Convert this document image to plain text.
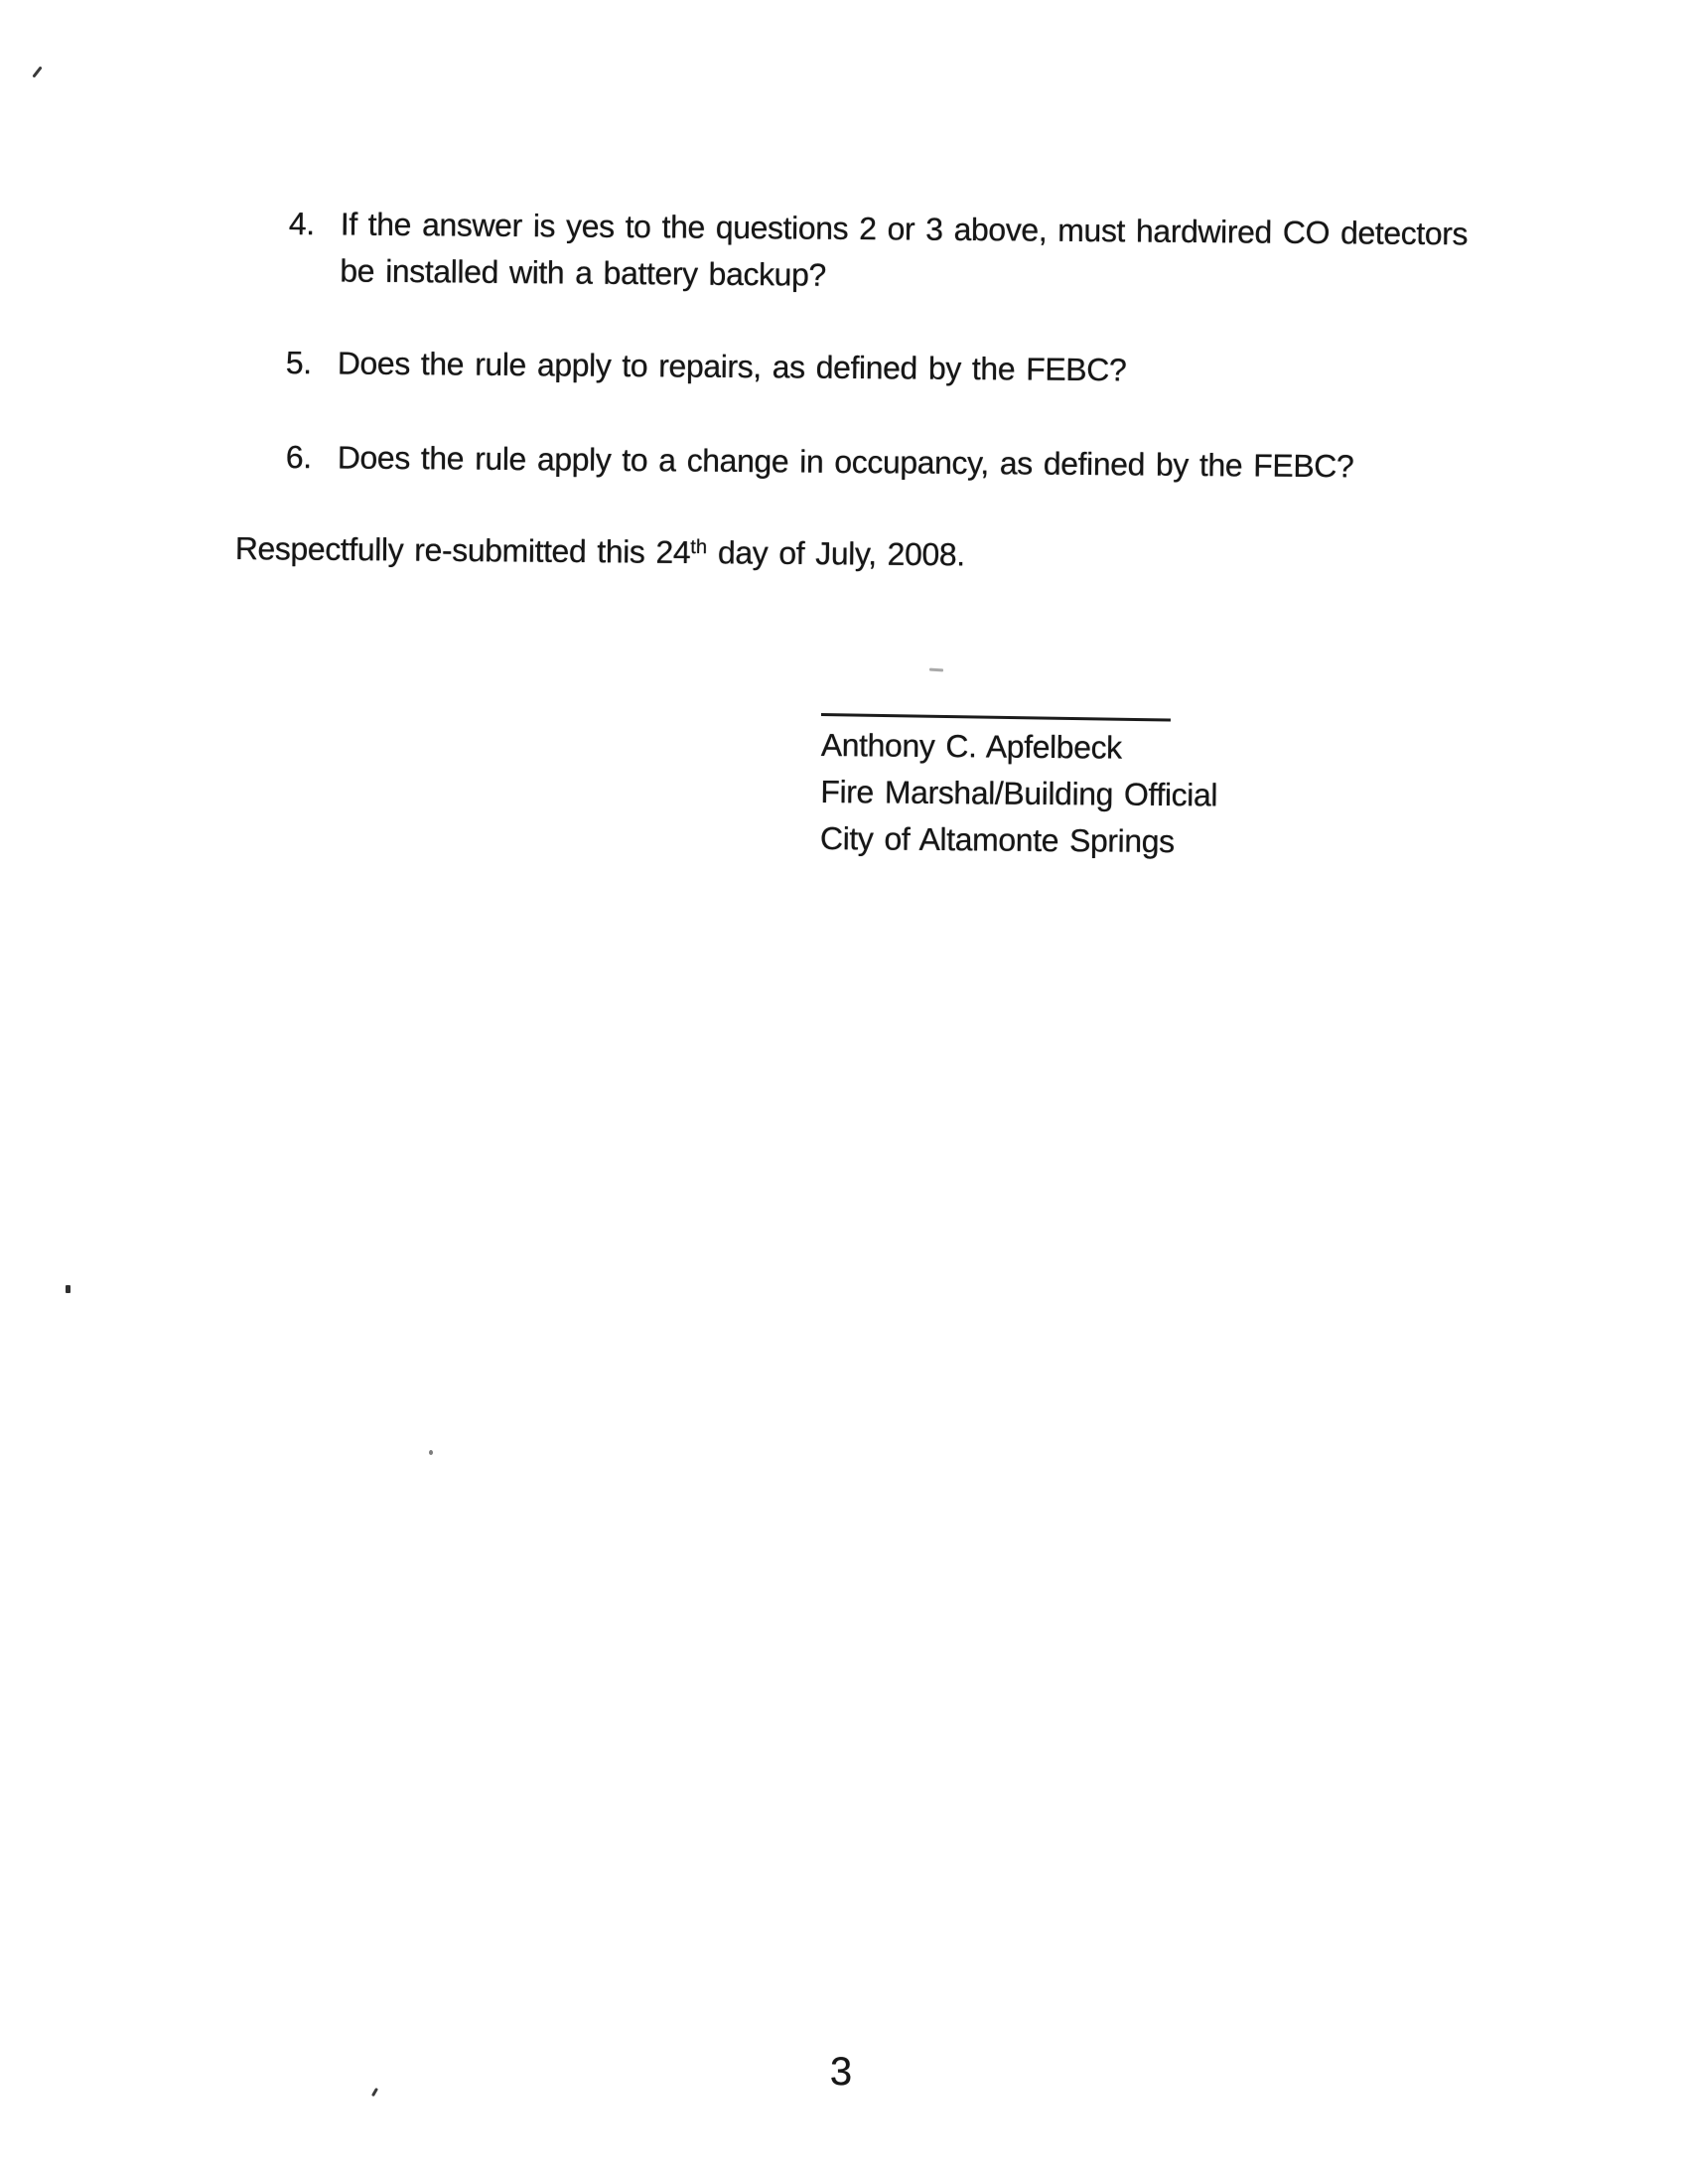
4. If the answer is yes to the questions 2 or 3 above, must hardwired CO detectors
be installed with a battery backup?
5. Does the rule apply to repairs, as defined by the FEBC?
6. Does the rule apply to a change in occupancy, as defined by the FEBC?
Respectfully re-submitted this 24th day of July, 2008.
Anthony C. Apfelbeck
Fire Marshal/Building Official
City of Altamonte Springs
3
